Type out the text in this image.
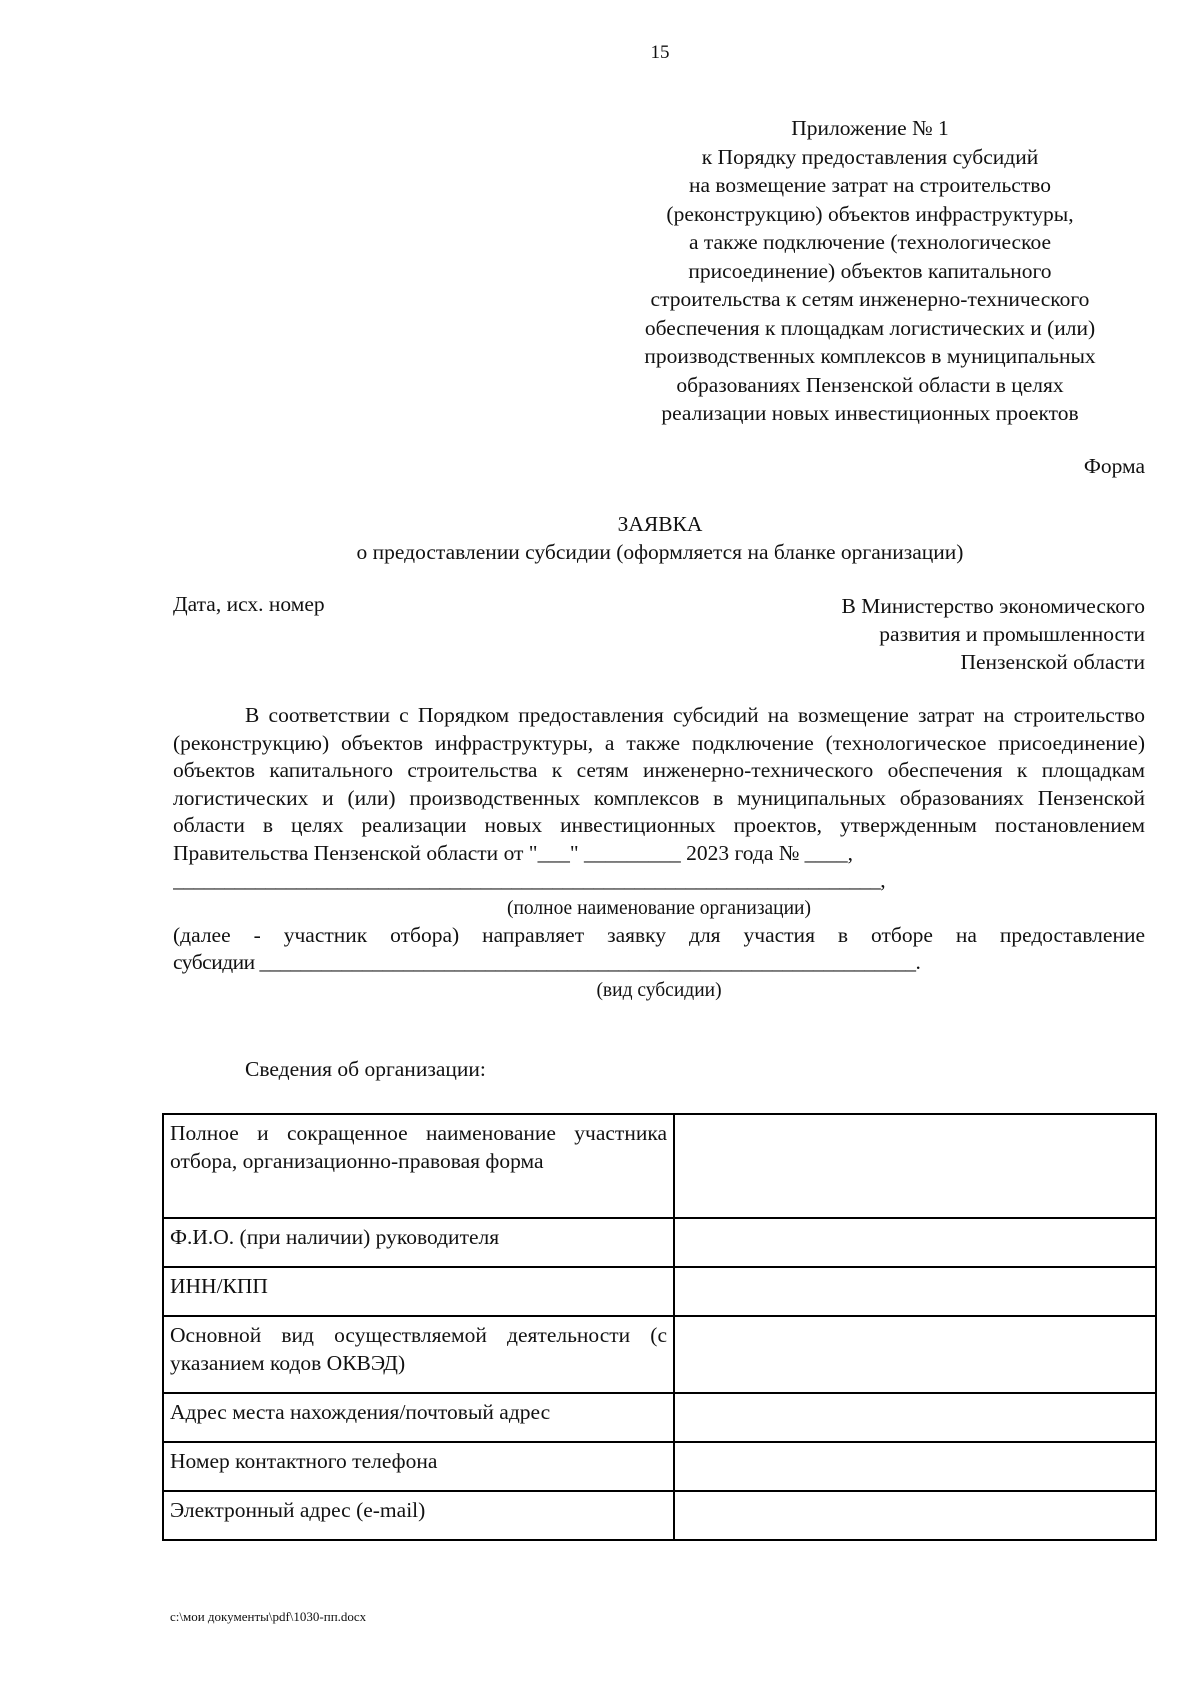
15
Приложение № 1
к Порядку предоставления субсидий
на возмещение затрат на строительство
(реконструкцию) объектов инфраструктуры,
а также подключение (технологическое
присоединение) объектов капитального
строительства к сетям инженерно-технического
обеспечения к площадкам логистических и (или)
производственных комплексов в муниципальных
образованиях Пензенской области в целях
реализации новых инвестиционных проектов
Форма
ЗАЯВКА
о предоставлении субсидии (оформляется на бланке организации)
Дата, исх. номер	В Министерство экономического
развития и промышленности
Пензенской области

В соответствии с Порядком предоставления субсидий на возмещение затрат на строительство (реконструкцию) объектов инфраструктуры, а также подключение (технологическое присоединение) объектов капитального строительства к сетям инженерно-технического обеспечения к площадкам логистических и (или) производственных комплексов в муниципальных образованиях Пензенской области в целях реализации новых инвестиционных проектов, утвержденным постановлением Правительства Пензенской области от "___" _________ 2023 года № ____,

_____________________________________________________________________,
(полное наименование организации)

(далее - участник отбора) направляет заявку для участия в отборе на предоставление

субсидии ________________________________________________________________.
(вид субсидии)
Сведения об организации:
Полное и сокращенное наименование участника отбора, организационно-правовая форма	
Ф.И.О. (при наличии) руководителя	
ИНН/КПП	
Основной вид осуществляемой деятельности (с указанием кодов ОКВЭД)	
Адрес места нахождения/почтовый адрес	
Номер контактного телефона	
Электронный адрес (e-mail)	
c:\мои документы\pdf\1030-пп.docx
